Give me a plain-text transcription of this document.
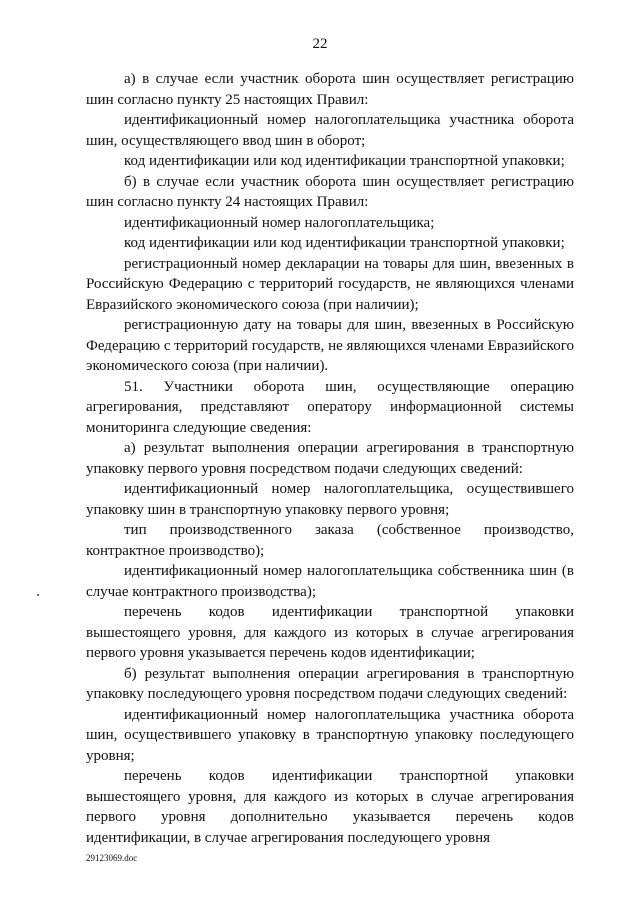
22

а) в случае если участник оборота шин осуществляет регистрацию шин согласно пункту 25 настоящих Правил:

идентификационный номер налогоплательщика участника оборота шин, осуществляющего ввод шин в оборот;

код идентификации или код идентификации транспортной упаковки;

б) в случае если участник оборота шин осуществляет регистрацию шин согласно пункту 24 настоящих Правил:

идентификационный номер налогоплательщика;

код идентификации или код идентификации транспортной упаковки;

регистрационный номер декларации на товары для шин, ввезенных в Российскую Федерацию с территорий государств, не являющихся членами Евразийского экономического союза (при наличии);

регистрационную дату на товары для шин, ввезенных в Российскую Федерацию с территорий государств, не являющихся членами Евразийского экономического союза (при наличии).

51. Участники оборота шин, осуществляющие операцию агрегирования, представляют оператору информационной системы мониторинга следующие сведения:

а) результат выполнения операции агрегирования в транспортную упаковку первого уровня посредством подачи следующих сведений:

идентификационный номер налогоплательщика, осуществившего упаковку шин в транспортную упаковку первого уровня;

тип производственного заказа (собственное производство, контрактное производство);

идентификационный номер налогоплательщика собственника шин (в случае контрактного производства);

перечень кодов идентификации транспортной упаковки вышестоящего уровня, для каждого из которых в случае агрегирования первого уровня указывается перечень кодов идентификации;

б) результат выполнения операции агрегирования в транспортную упаковку последующего уровня посредством подачи следующих сведений:

идентификационный номер налогоплательщика участника оборота шин, осуществившего упаковку в транспортную упаковку последующего уровня;

перечень кодов идентификации транспортной упаковки вышестоящего уровня, для каждого из которых в случае агрегирования первого уровня дополнительно указывается перечень кодов идентификации, в случае агрегирования последующего уровня

29123069.doc
